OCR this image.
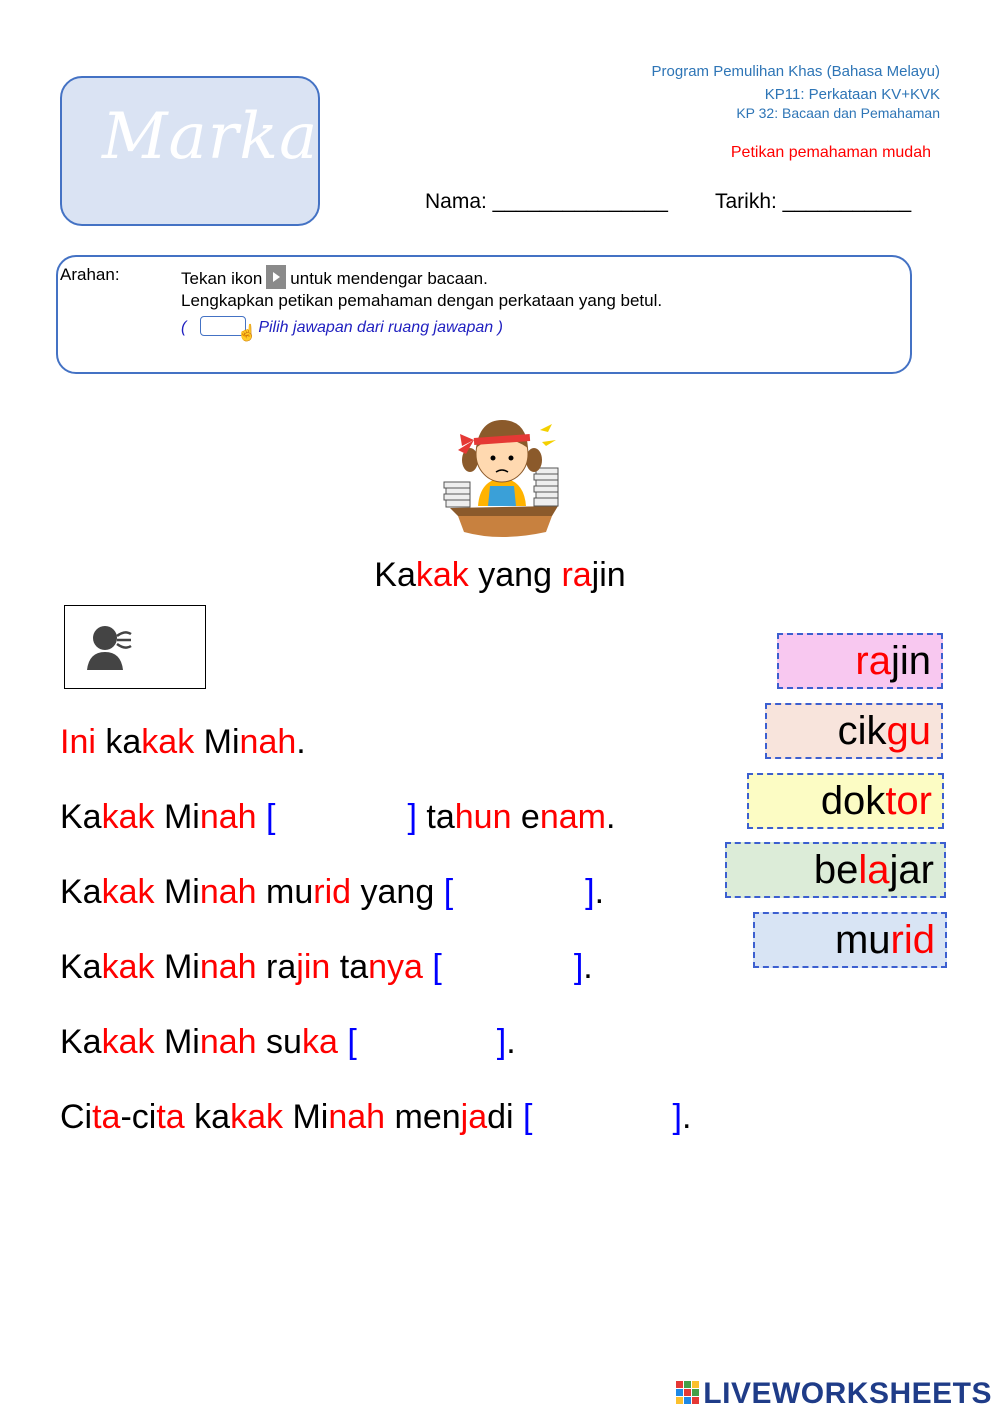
Markah
Program Pemulihan Khas (Bahasa Melayu)
KP11: Perkataan KV+KVK
KP 32: Bacaan dan Pemahaman
Petikan pemahaman mudah
Nama: _______________ Tarikh: ___________
Arahan:	Tekan ikon untuk mendengar bacaan.
Lengkapkan petikan pemahaman dengan perkataan yang betul.
(	☝ Pilih jawapan dari ruang jawapan )
Kakak yang rajin
Ini kakak Minah.
Kakak Minah [	] tahun enam.
Kakak Minah murid yang [	].
Kakak Minah rajin tanya [	].
Kakak Minah suka [	].
Cita-cita kakak Minah menjadi [	].
rajin
cikgu
doktor
belajar
murid
LIVEWORKSHEETS
